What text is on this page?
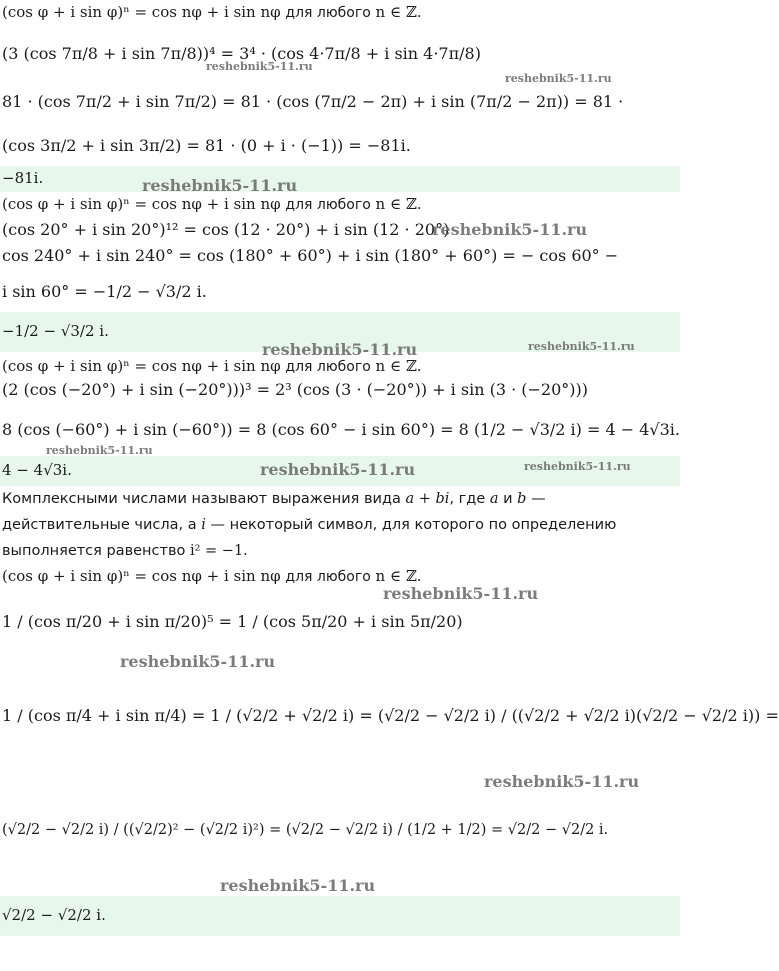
(cos φ + i sin φ)ⁿ = cos nφ + i sin nφ для любого n ∈ ℤ.
(3 (cos 7π/8 + i sin 7π/8))⁴ = 3⁴ · (cos 4·7π/8 + i sin 4·7π/8)
81 · (cos 7π/2 + i sin 7π/2) = 81 · (cos (7π/2 − 2π) + i sin (7π/2 − 2π)) = 81 ·
(cos 3π/2 + i sin 3π/2) = 81 · (0 + i · (−1)) = −81i.
−81i.
(cos φ + i sin φ)ⁿ = cos nφ + i sin nφ для любого n ∈ ℤ.
(cos 20° + i sin 20°)¹² = cos (12 · 20°) + i sin (12 · 20°)
cos 240° + i sin 240° = cos (180° + 60°) + i sin (180° + 60°) = − cos 60° −
i sin 60° = −1/2 − √3/2 i.
−1/2 − √3/2 i.
(cos φ + i sin φ)ⁿ = cos nφ + i sin nφ для любого n ∈ ℤ.
(2 (cos (−20°) + i sin (−20°)))³ = 2³ (cos (3 · (−20°)) + i sin (3 · (−20°)))
8 (cos (−60°) + i sin (−60°)) = 8 (cos 60° − i sin 60°) = 8 (1/2 − √3/2 i) = 4 − 4√3i.
4 − 4√3i.
Комплексными числами называют выражения вида a + bi, где a и b — действительные числа, а i — некоторый символ, для которого по определению выполняется равенство i² = −1.
(cos φ + i sin φ)ⁿ = cos nφ + i sin nφ для любого n ∈ ℤ.
1 / (cos π/20 + i sin π/20)⁵ = 1 / (cos 5π/20 + i sin 5π/20)
1 / (cos π/4 + i sin π/4) = 1 / (√2/2 + √2/2 i) = (√2/2 − √2/2 i) / ((√2/2 + √2/2 i)(√2/2 − √2/2 i)) =
(√2/2 − √2/2 i) / ((√2/2)² − (√2/2 i)²) = (√2/2 − √2/2 i) / (1/2 + 1/2) = √2/2 − √2/2 i.
√2/2 − √2/2 i.
reshebnik5-11.ru
reshebnik5-11.ru
reshebnik5-11.ru
reshebnik5-11.ru
reshebnik5-11.ru	reshebnik5-11.ru
reshebnik5-11.ru
reshebnik5-11.ru	reshebnik5-11.ru
reshebnik5-11.ru
reshebnik5-11.ru
reshebnik5-11.ru
reshebnik5-11.ru
